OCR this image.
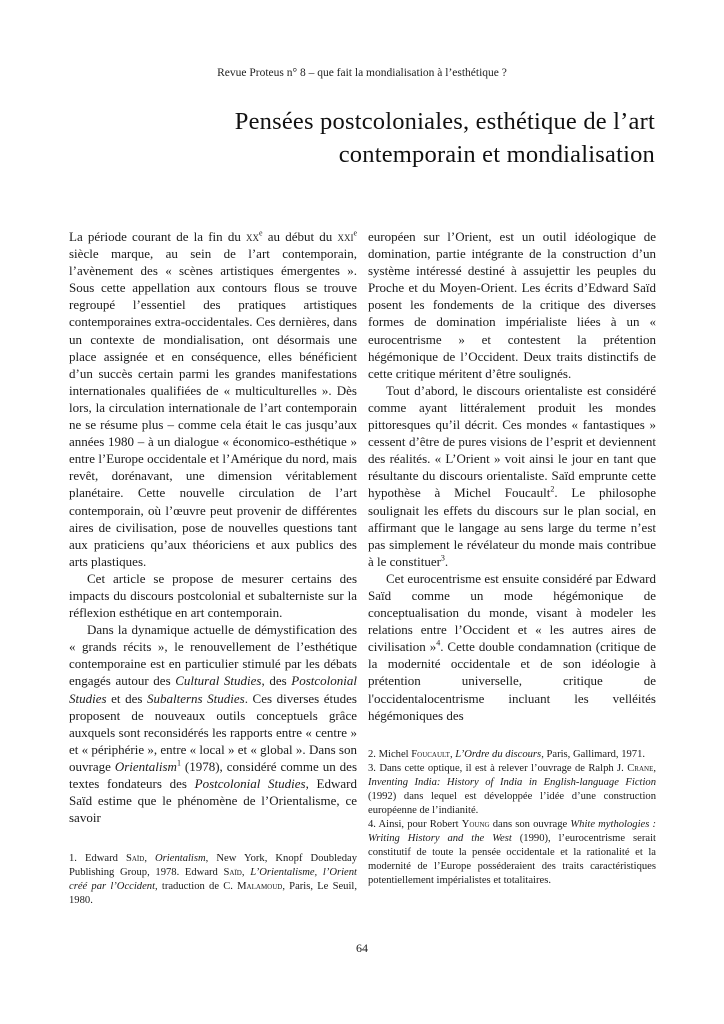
Revue Proteus n° 8 – que fait la mondialisation à l’esthétique ?
Pensées postcoloniales, esthétique de l’art
contemporain et mondialisation

La période courant de la fin du $xx^e$ au début du xxi$^e$ siècle marque, au sein de l’art contemporain, l’avènement des « scènes artistiques émergentes ». Sous cette appellation aux contours flous se trouve regroupé l’essentiel des pratiques artistiques contemporaines extra-occidentales. Ces dernières, dans un contexte de mondialisation, ont désormais une place assignée et en conséquence, elles bénéficient d’un succès certain parmi les grandes manifestations internationales qualifiées de « multiculturelles ». Dès lors, la circulation internationale de l’art contemporain ne se résume plus – comme cela était le cas jusqu’aux années 1980 – à un dialogue « économico-esthétique » entre l’Europe occidentale et l’Amérique du nord, mais revêt, dorénavant, une dimension véritablement planétaire. Cette nouvelle circulation de l’art contemporain, où l’œuvre peut provenir de différentes aires de civilisation, pose de nouvelles questions tant aux praticiens qu’aux théoriciens et aux publics des arts plastiques.

Cet article se propose de mesurer certains des impacts du discours postcolonial et subalterniste sur la réflexion esthétique en art contemporain.

Dans la dynamique actuelle de démystification des « grands récits », le renouvellement de l’esthétique contemporaine est en particulier stimulé par les débats engagés autour des Cultural Studies, des Postcolonial Studies et des Subalterns Studies. Ces diverses études proposent de nouveaux outils conceptuels grâce auxquels sont reconsidérés les rapports entre « centre » et « périphérie », entre « local » et « global ». Dans son ouvrage Orientalism$^1$ (1978), considéré comme un des textes fondateurs des Postcolonial Studies, Edward Saïd estime que le phénomène de l’Orientalisme, ce savoir

européen sur l’Orient, est un outil idéologique de domination, partie intégrante de la construction d’un système intéressé destiné à assujettir les peuples du Proche et du Moyen-Orient. Les écrits d’Edward Saïd posent les fondements de la critique des diverses formes de domination impérialiste liées à un « eurocentrisme » et contestent la prétention hégémonique de l’Occident. Deux traits distinctifs de cette critique méritent d’être soulignés.

Tout d’abord, le discours orientaliste est considéré comme ayant littéralement produit les mondes pittoresques qu’il décrit. Ces mondes « fantastiques » cessent d’être de pures visions de l’esprit et deviennent des réalités. « L’Orient » voit ainsi le jour en tant que résultante du discours orientaliste. Saïd emprunte cette hypothèse à Michel Foucault$^2$. Le philosophe soulignait les effets du discours sur le plan social, en affirmant que le langage au sens large du terme n’est pas simplement le révélateur du monde mais contribue à le constituer$^3$.

Cet eurocentrisme est ensuite considéré par Edward Saïd comme un mode hégémonique de conceptualisation du monde, visant à modeler les relations entre l’Occident et « les autres aires de civilisation »$^4$. Cette double condamnation (critique de la modernité occidentale et de son idéologie à prétention universelle, critique de l'occidentalocentrisme incluant les velléités hégémoniques des

1. Edward Saïd, Orientalism, New York, Knopf Doubleday Publishing Group, 1978. Edward Saïd, L’Orientalisme, l’Orient créé par l’Occident, traduction de C. Malamoud, Paris, Le Seuil, 1980.

2. Michel Foucault, L’Ordre du discours, Paris, Gallimard, 1971.

3. Dans cette optique, il est à relever l’ouvrage de Ralph J. Crane, Inventing India: History of India in English-language Fiction (1992) dans lequel est développée l’idée d’une construction européenne de l’indianité.

4. Ainsi, pour Robert Young dans son ouvrage White mythologies : Writing History and the West (1990), l’eurocentrisme serait constitutif de toute la pensée occidentale et la rationalité et la modernité de l’Europe posséderaient des traits caractéristiques potentiellement impérialistes et totalitaires.

64
